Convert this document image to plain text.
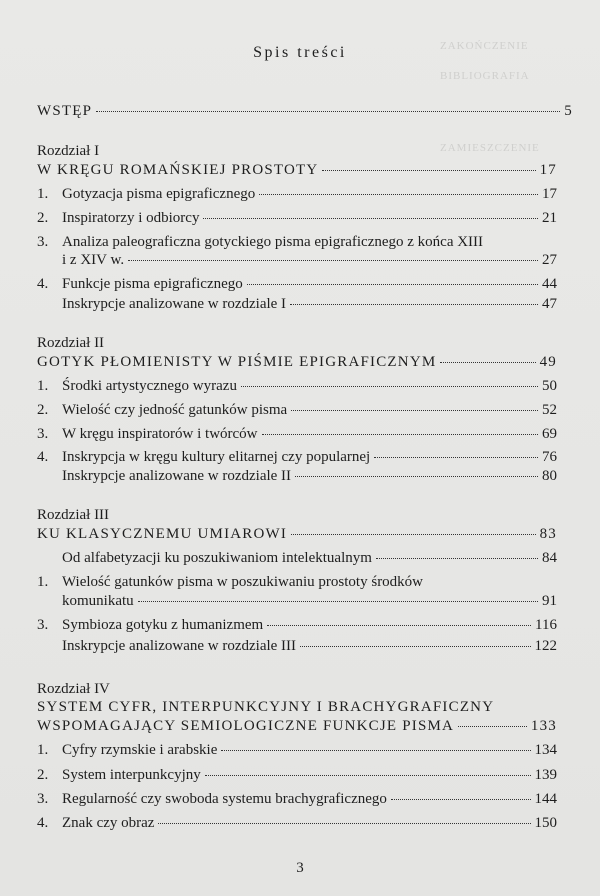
ZAKOŃCZENIE
BIBLIOGRAFIA
ZAMIESZCZENIE
Spis treści
WSTĘP	5
Rozdział I
W KRĘGU ROMAŃSKIEJ PROSTOTY	17
1. Gotyzacja pisma epigraficznego	17
2. Inspiratorzy i odbiorcy	21
3. Analiza paleograficzna gotyckiego pisma epigraficznego z końca XIII
i z XIV w.	27
4. Funkcje pisma epigraficznego	44
Inskrypcje analizowane w rozdziale I	47
Rozdział II
GOTYK PŁOMIENISTY W PIŚMIE EPIGRAFICZNYM	49
1. Środki artystycznego wyrazu	50
2. Wielość czy jedność gatunków pisma	52
3. W kręgu inspiratorów i twórców	69
4. Inskrypcja w kręgu kultury elitarnej czy popularnej	76
Inskrypcje analizowane w rozdziale II	80
Rozdział III
KU KLASYCZNEMU UMIAROWI	83
Od alfabetyzacji ku poszukiwaniom intelektualnym	84
1. Wielość gatunków pisma w poszukiwaniu prostoty środków
komunikatu	91
3. Symbioza gotyku z humanizmem	116
Inskrypcje analizowane w rozdziale III	122
Rozdział IV
SYSTEM CYFR, INTERPUNKCYJNY I BRACHYGRAFICZNY
WSPOMAGAJĄCY SEMIOLOGICZNE FUNKCJE PISMA	133
1. Cyfry rzymskie i arabskie	134
2. System interpunkcyjny	139
3. Regularność czy swoboda systemu brachygraficznego	144
4. Znak czy obraz	150
3
